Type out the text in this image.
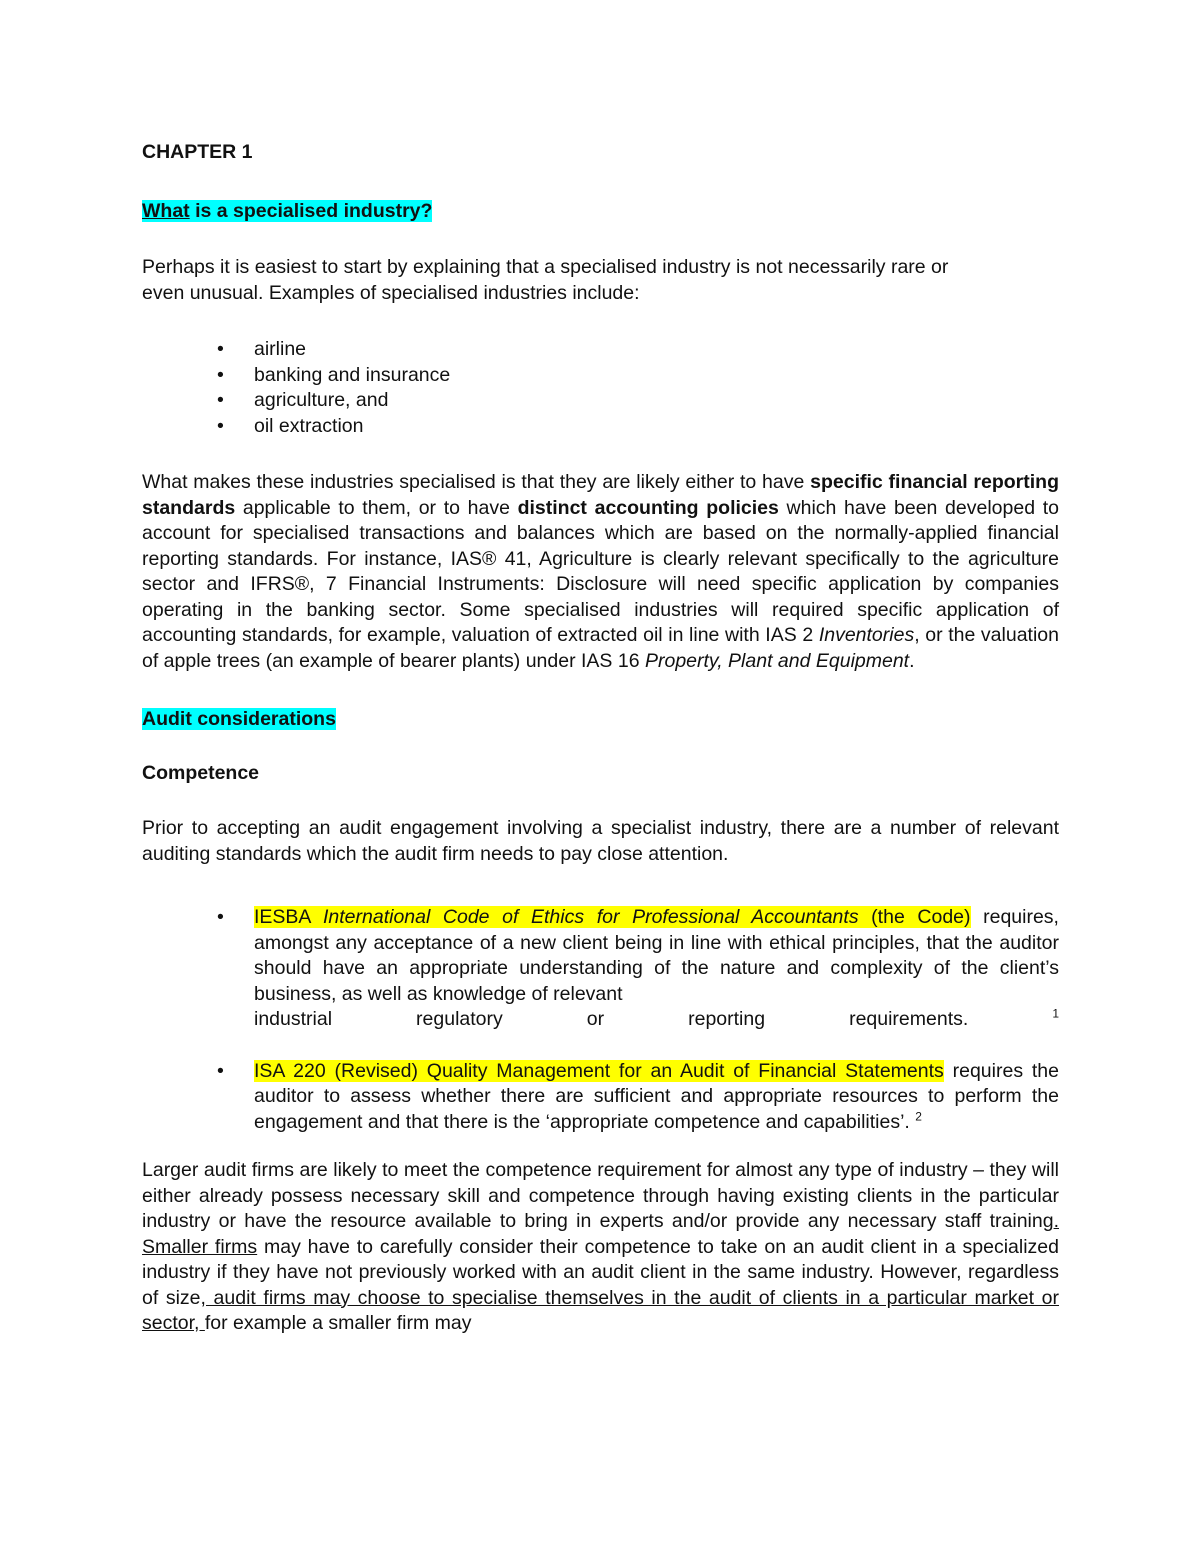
CHAPTER 1

What is a specialised industry?

Perhaps it is easiest to start by explaining that a specialised industry is not necessarily rare or
even unusual. Examples of specialised industries include:

• airline
• banking and insurance
• agriculture, and
• oil extraction

What makes these industries specialised is that they are likely either to have specific financial reporting standards applicable to them, or to have distinct accounting policies which have been developed to account for specialised transactions and balances which are based on the normally-applied financial reporting standards. For instance, IAS® 41, Agriculture is clearly relevant specifically to the agriculture sector and IFRS®, 7 Financial Instruments: Disclosure will need specific application by companies operating in the banking sector. Some specialised industries will required specific application of accounting standards, for example, valuation of extracted oil in line with IAS 2 Inventories, or the valuation of apple trees (an example of bearer plants) under IAS 16 Property, Plant and Equipment.

Audit considerations

Competence

Prior to accepting an audit engagement involving a specialist industry, there are a number of relevant auditing standards which the audit firm needs to pay close attention.

• IESBA International Code of Ethics for Professional Accountants (the Code) requires, amongst any acceptance of a new client being in line with ethical principles, that the auditor should have an appropriate understanding of the nature and complexity of the client’s business, as well as knowledge of relevant
industrial regulatory or reporting requirements.	$^1$
• ISA 220 (Revised) Quality Management for an Audit of Financial Statements requires the auditor to assess whether there are sufficient and appropriate resources to perform the engagement and that there is the ‘appropriate competence and capabilities’. $^2$

Larger audit firms are likely to meet the competence requirement for almost any type of industry – they will either already possess necessary skill and competence through having existing clients in the particular industry or have the resource available to bring in experts and/or provide any necessary staff training. Smaller firms may have to carefully consider their competence to take on an audit client in a specialized industry if they have not previously worked with an audit client in the same industry. However, regardless of size, audit firms may choose to specialise themselves in the audit of clients in a particular market or sector, for example a smaller firm may
